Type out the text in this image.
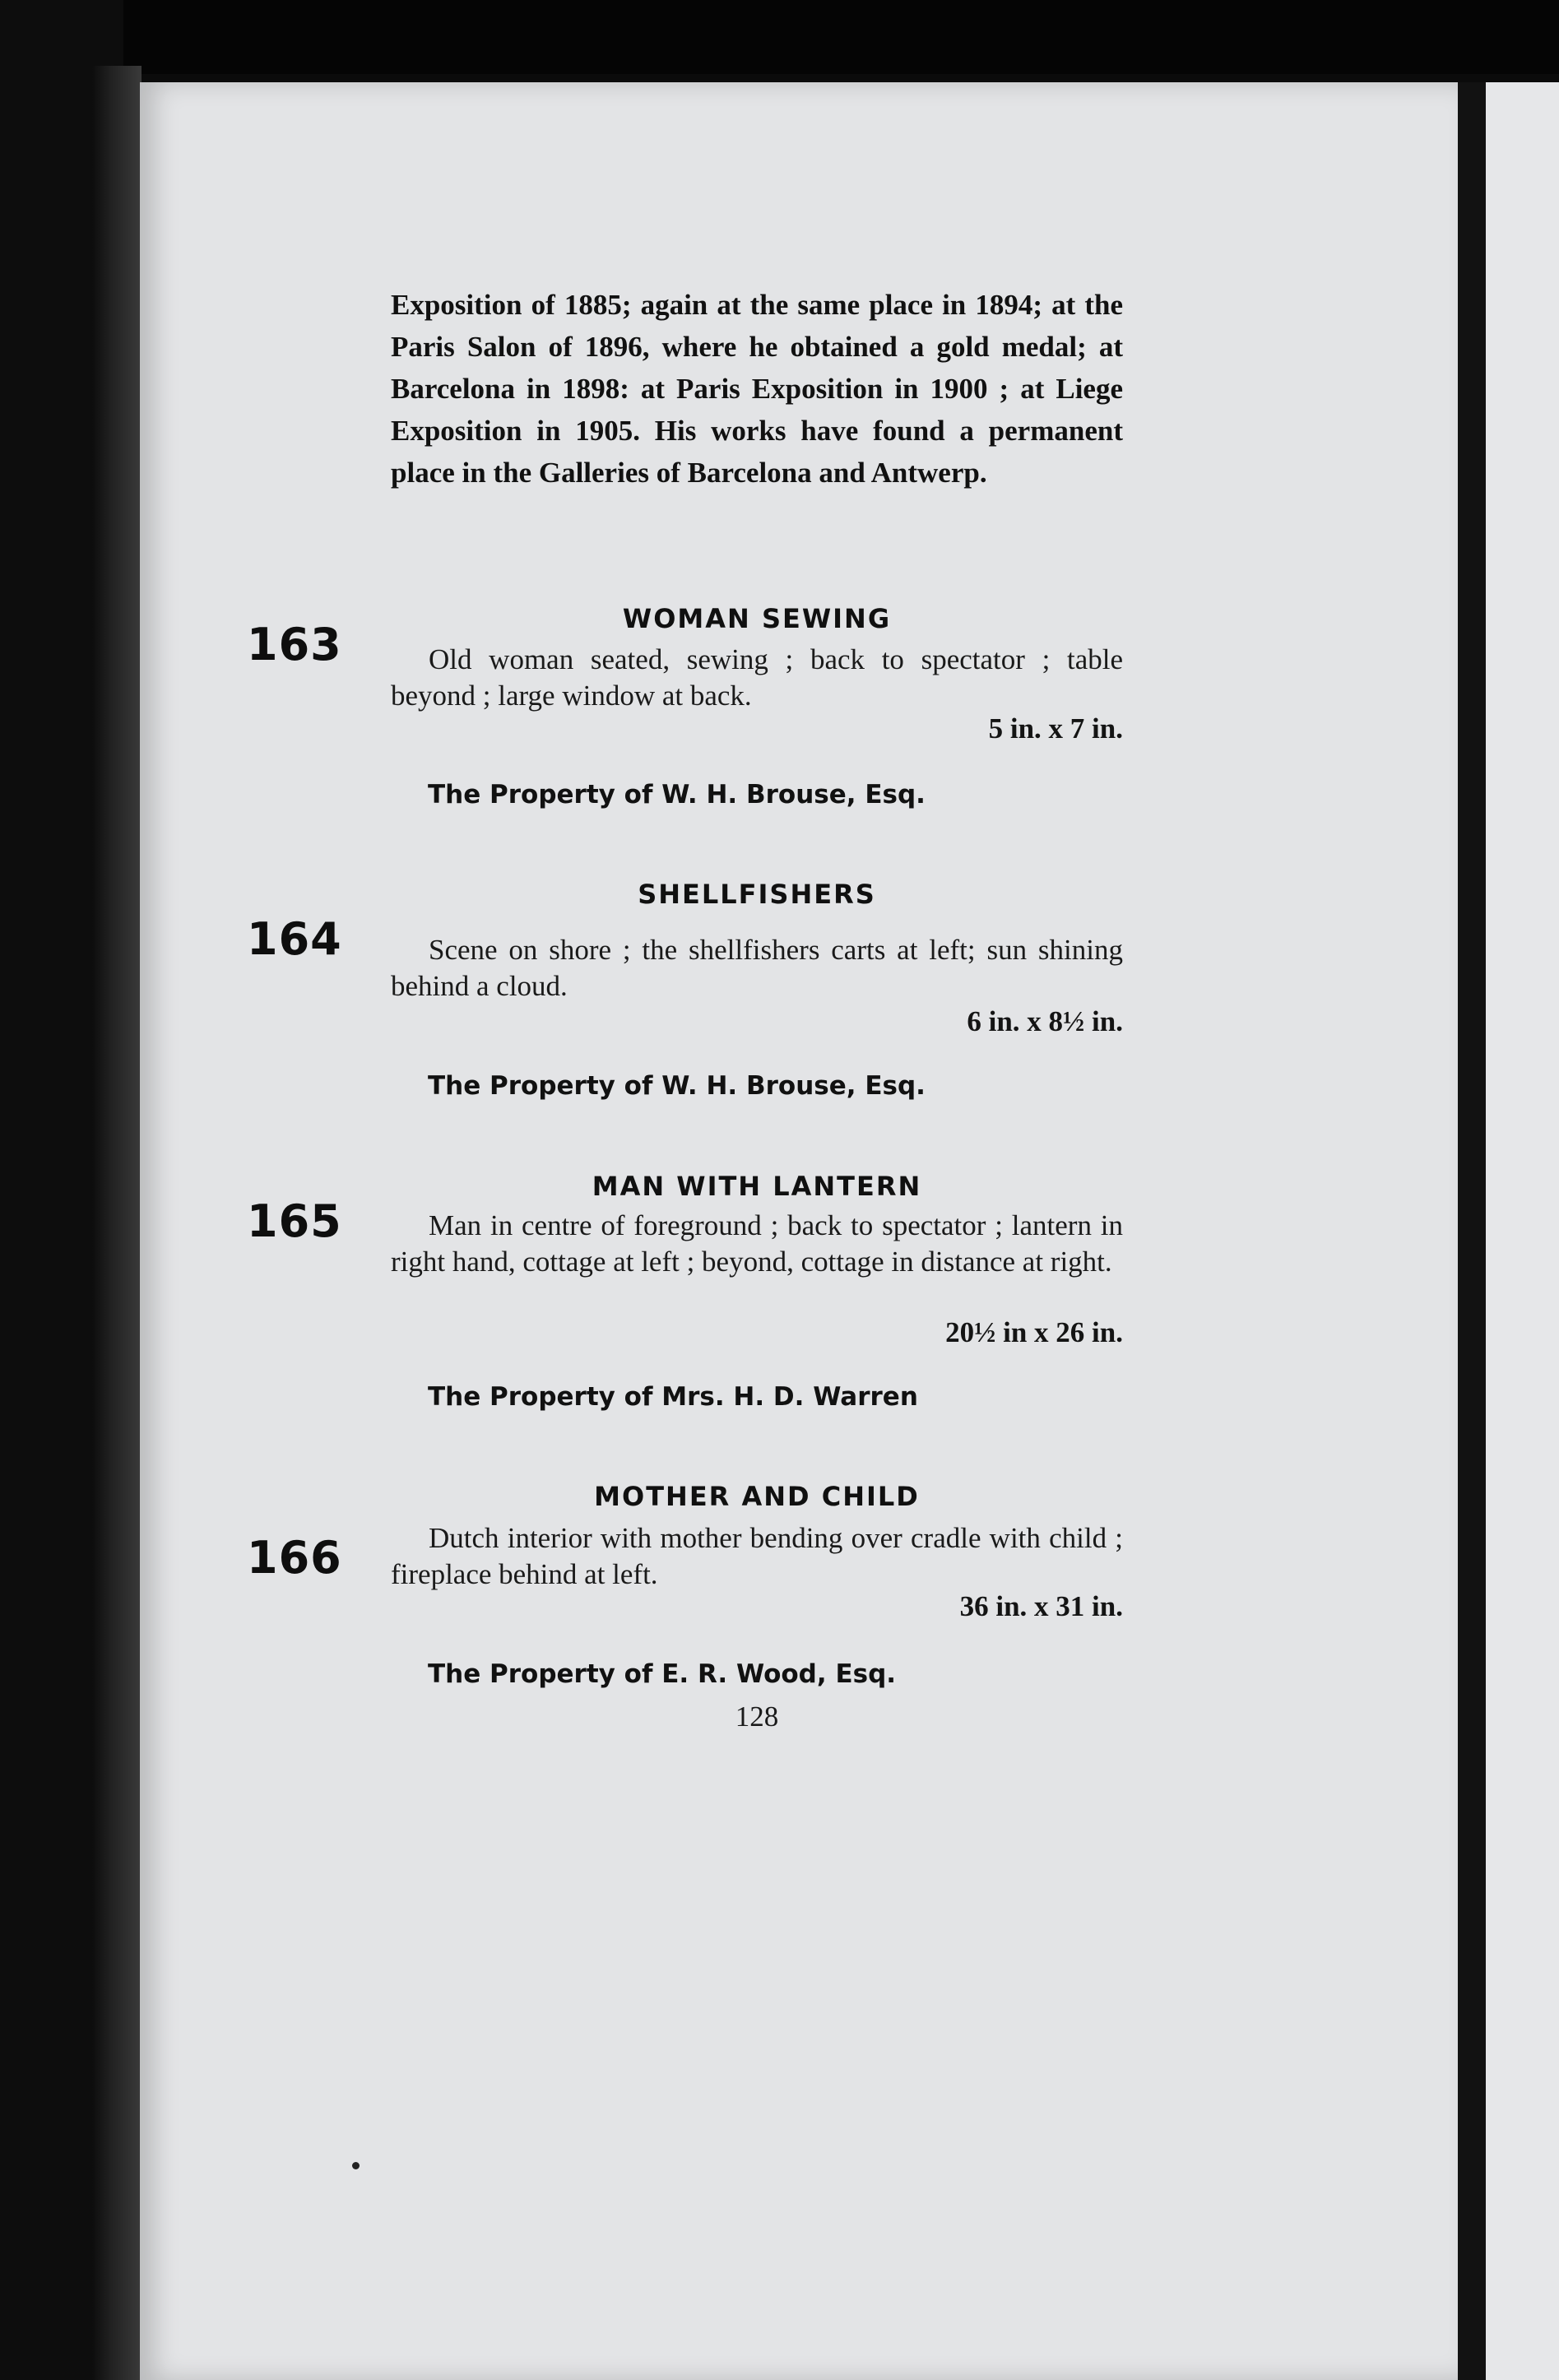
Exposition of 1885; again at the same place in 1894; at the Paris Salon of 1896, where he obtained a gold medal; at Barcelona in 1898: at Paris Exposition in 1900 ; at Liege Exposition in 1905. His works have found a permanent place in the Galleries of Barcelona and Antwerp.
WOMAN SEWING
163	Old woman seated, sewing ; back to spectator ; table beyond ; large window at back.
5 in. x 7 in.
The Property of W. H. Brouse, Esq.
SHELLFISHERS
164	Scene on shore ; the shellfishers carts at left; sun shining behind a cloud.
6 in. x 8½ in.
The Property of W. H. Brouse, Esq.
MAN WITH LANTERN
165	Man in centre of foreground ; back to spectator ; lantern in right hand, cottage at left ; beyond, cottage in distance at right.
20½ in x 26 in.
The Property of Mrs. H. D. Warren
MOTHER AND CHILD
166	Dutch interior with mother bending over cradle with child ; fireplace behind at left.
36 in. x 31 in.
The Property of E. R. Wood, Esq.
128
